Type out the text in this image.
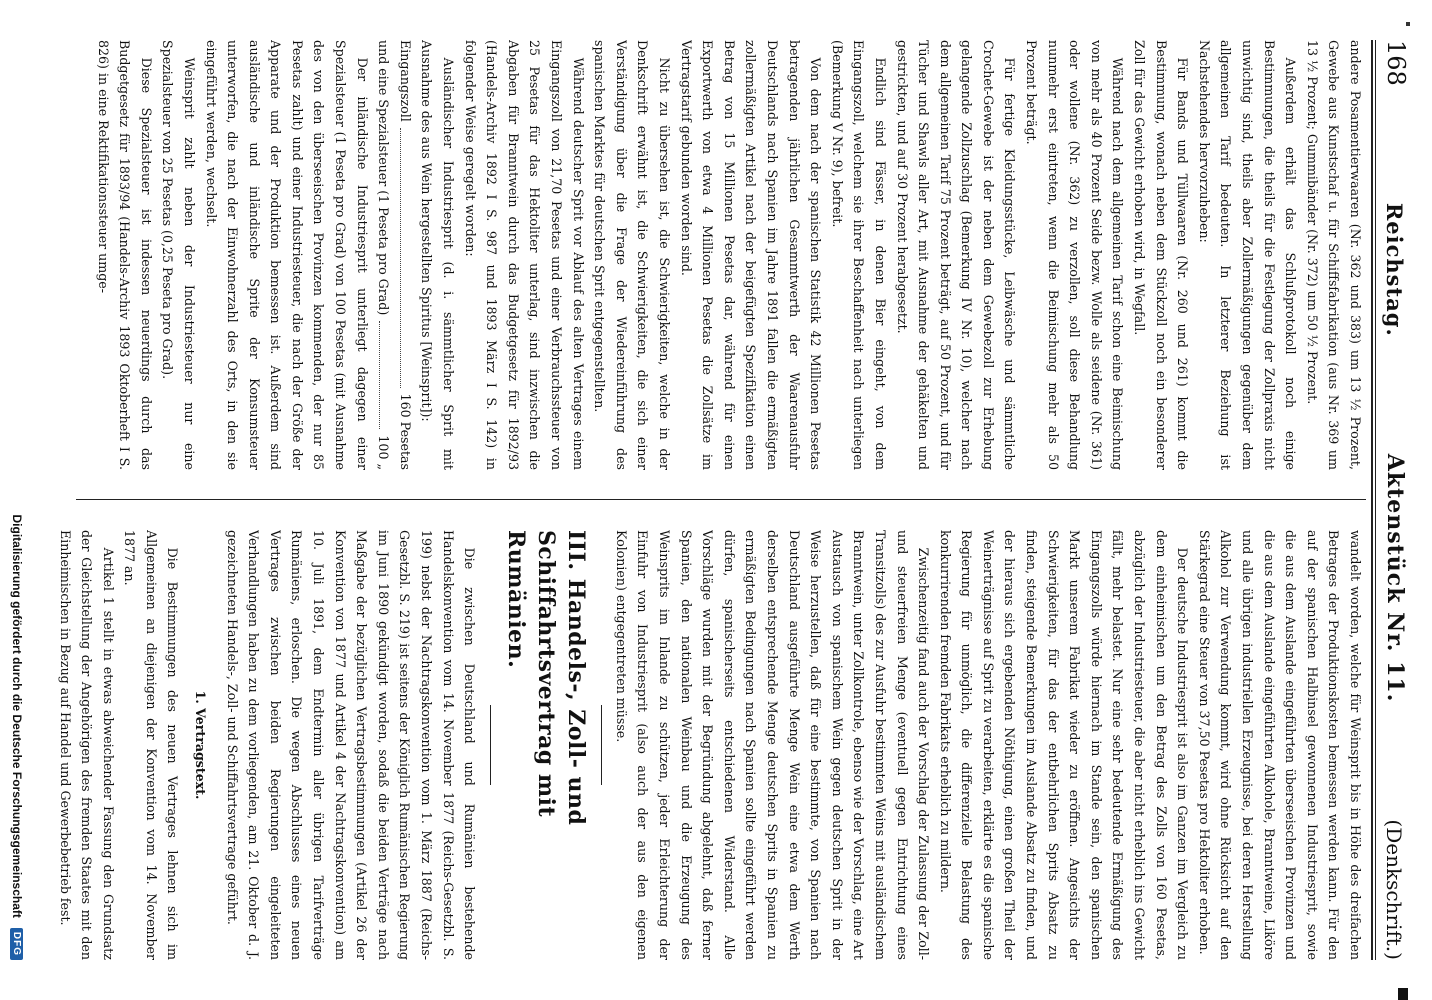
168
Reichstag.
Aktenstück Nr. 11.
(Denkschrift.)

andere Posamentierwaaren (Nr. 362 und 383) um 13 ½ Prozent, Gewebe aus Kunstschaf u. für Schiffsfabrikation (aus Nr. 369 um 13 ½ Prozent; Gummibänder (Nr. 372) um 50 ½ Prozent.

Außerdem erhält das Schlußprotokoll noch einige Bestimmungen, die theils für die Festlegung der Zollpraxis nicht unwichtig sind, theils aber Zollermäßigungen gegenüber dem allgemeinen Tarif bedeuten. In letzterer Beziehung ist Nachstehendes hervorzuheben:

Für Bands und Tüllwaaren (Nr. 260 und 261) kommt die Bestimmung, wonach neben dem Stückzoll noch ein besonderer Zoll für das Gewicht erhoben wird, in Wegfall.

Während nach dem allgemeinen Tarif schon eine Beimischung von mehr als 40 Prozent Seide bezw. Wolle als seidene (Nr. 361) oder wollene (Nr. 362) zu verzollen, soll diese Behandlung nunmehr erst eintreten, wenn die Beimischung mehr als 50 Prozent beträgt.

Für fertige Kleidungsstücke, Leibwäsche und sämmtliche Crochet-Gewebe ist der neben dem Gewebezoll zur Erhebung gelangende Zollzuschlag (Bemerkung IV Nr. 10), welcher nach dem allgemeinen Tarif 75 Prozent beträgt, auf 50 Prozent, und für Tücher und Shawls aller Art, mit Ausnahme der gehäkelten und gestrickten, und auf 30 Prozent herabgesetzt.

Endlich sind Fässer, in denen Bier eingeht, von dem Eingangszoll, welchem sie ihrer Beschaffenheit nach unterliegen (Bemerkung V Nr. 9), befreit.

Von dem nach der spanischen Statistik 42 Millionen Pesetas betragenden jährlichen Gesammtwerth der Waarenausfuhr Deutschlands nach Spanien im Jahre 1891 fallen die ermäßigten zollermäßigten Artikel nach der beigefügten Spezifikation einen Betrag von 15 Millionen Pesetas dar, während für einen Exportwerth von etwa 4 Millionen Pesetas die Zollsätze im Vertragstarif gebunden worden sind.

Nicht zu übersehen ist, die Schwierigkeiten, welche in der Denkschrift erwähnt ist, die Schwierigkeiten, die sich einer Verständigung über die Frage der Wiedereinführung des spanischen Marktes für deutschen Sprit entgegenstellten.

Während deutscher Sprit vor Ablauf des alten Vertrages einem Eingangszoll von 21,70 Pesetas und einer Verbrauchssteuer von 25 Pesetas für das Hektoliter unterlag, sind inzwischen die Abgaben für Branntwein durch das Budgetgesetz für 1892/93 (Handels-Archiv 1892 I S. 987 und 1893 März I S. 142) in folgender Weise geregelt worden:

Ausländischer Industriesprit (d. i. sämmtlicher Sprit mit Ausnahme des aus Wein hergestellten Spiritus [Weinsprit]):

Eingangszoll
160 Pesetas
und eine Spezialsteuer (1 Peseta pro Grad)
100 „

Der inländische Industriesprit unterliegt dagegen einer Spezialsteuer (1 Peseta pro Grad) von 100 Pesetas (mit Ausnahme des von den überseeischen Provinzen kommenden, der nur 85 Pesetas zahlt) und einer Industriesteuer, die nach der Größe der Apparate und der Produktion bemessen ist. Außerdem sind ausländische und inländische Sprite der Konsumsteuer unterworfen, die nach der Einwohnerzahl des Orts, in den sie eingeführt werden, wechselt.

Weinsprit zahlt neben der Industriesteuer nur eine Spezialsteuer von 25 Pesetas (0,25 Peseta pro Grad).

Diese Spezialsteuer ist indessen neuerdings durch das Budgetgesetz für 1893/94 (Handels-Archiv 1893 Oktoberheft I S. 826) in eine Rektifikationssteuer umge-

wandelt worden, welche für Weinsprit bis in Höhe des dreifachen Betrages der Produktionskosten bemessen werden kann. Für den auf der spanischen Halbinsel gewonnenen Industriesprit, sowie die aus dem Auslande eingeführten überseeischen Provinzen und die aus dem Auslande eingeführten Alkohole, Branntweine, Liköre und alle übrigen industriellen Erzeugnisse, bei deren Herstellung Alkohol zur Verwendung kommt, wird ohne Rücksicht auf den Stärkegrad eine Steuer von 37,50 Pesetas pro Hektoliter erhoben.

Der deutsche Industriesprit ist also im Ganzen im Vergleich zu dem einheimischen um den Betrag des Zolls von 160 Pesetas, abzüglich der Industriesteuer, die aber nicht erheblich ins Gewicht fällt, mehr belastet. Nur eine sehr bedeutende Ermäßigung des Eingangszolls würde hiernach im Stande sein, den spanischen Markt unserem Fabrikat wieder zu eröffnen. Angesichts der Schwierigkeiten, für das der entbehrlichen Sprits Absatz zu finden, steigende Bemerkungen im Auslande Absatz zu finden, und der hieraus sich ergebenden Nöthigung, einen großen Theil der Weinerträgnisse auf Sprit zu verarbeiten, erklärte es die spanische Regierung für unmöglich, die differenzielle Belastung des konkurrirenden fremden Fabrikats erheblich zu mildern.

Zwischenzeitig fand auch der Vorschlag der Zulassung der Zoll- und steuerfreien Menge (eventuell gegen Entrichtung eines Transitzolls) des zur Ausfuhr bestimmten Weins mit ausländischem Branntwein, unter Zollkontrole, ebenso wie der Vorschlag, eine Art Austausch von spanischem Wein gegen deutschen Sprit in der Weise herzustellen, daß für eine bestimmte, von Spanien nach Deutschland ausgeführte Menge Wein eine etwa dem Werth derselben entsprechende Menge deutschen Sprits in Spanien zu ermäßigten Bedingungen nach Spanien sollte eingeführt werden dürfen, spanischerseits entschiedenen Widerstand. Alle Vorschläge wurden mit der Begründung abgelehnt, daß ferner Spanien, den nationalen Weinbau und die Erzeugung des Weinsprits im Inlande zu schützen, jeder Erleichterung der Einfuhr von Industriesprit (also auch der aus den eigenen Kolonien) entgegentreten müsse.

III. Handels-, Zoll- und Schiffahrtsvertrag mit Rumänien.

Die zwischen Deutschland und Rumänien bestehende Handelskonvention vom 14. November 1877 (Reichs-Gesetzbl. S. 199) nebst der Nachtragskonvention vom 1. März 1887 (Reichs-Gesetzbl. S. 219) ist seitens der Königlich Rumänischen Regierung im Juni 1890 gekündigt worden, sodaß die beiden Verträge nach Maßgabe der bezüglichen Vertragsbestimmungen (Artikel 26 der Konvention von 1877 und Artikel 4 der Nachtragskonvention) am 10. Juli 1891, dem Endtermin aller übrigen Tarifverträge Rumäniens, erloschen. Die wegen Abschlusses eines neuen Vertrages zwischen beiden Regierungen eingeleiteten Verhandlungen haben zu dem vorliegenden, am 21. Oktober d. J. gezeichneten Handels-, Zoll- und Schiffahrtsvertrage geführt.

1. Vertragstext.

Die Bestimmungen des neuen Vertrages lehnen sich im Allgemeinen an diejenigen der Konvention vom 14. November 1877 an.

Artikel 1 stellt in etwas abweichender Fassung den Grundsatz der Gleichstellung der Angehörigen des fremden Staates mit den Einheimischen in Bezug auf Handel und Gewerbebetrieb fest.

Digitalisierung gefördert durch die Deutsche Forschungsgemeinschaft
DFG
